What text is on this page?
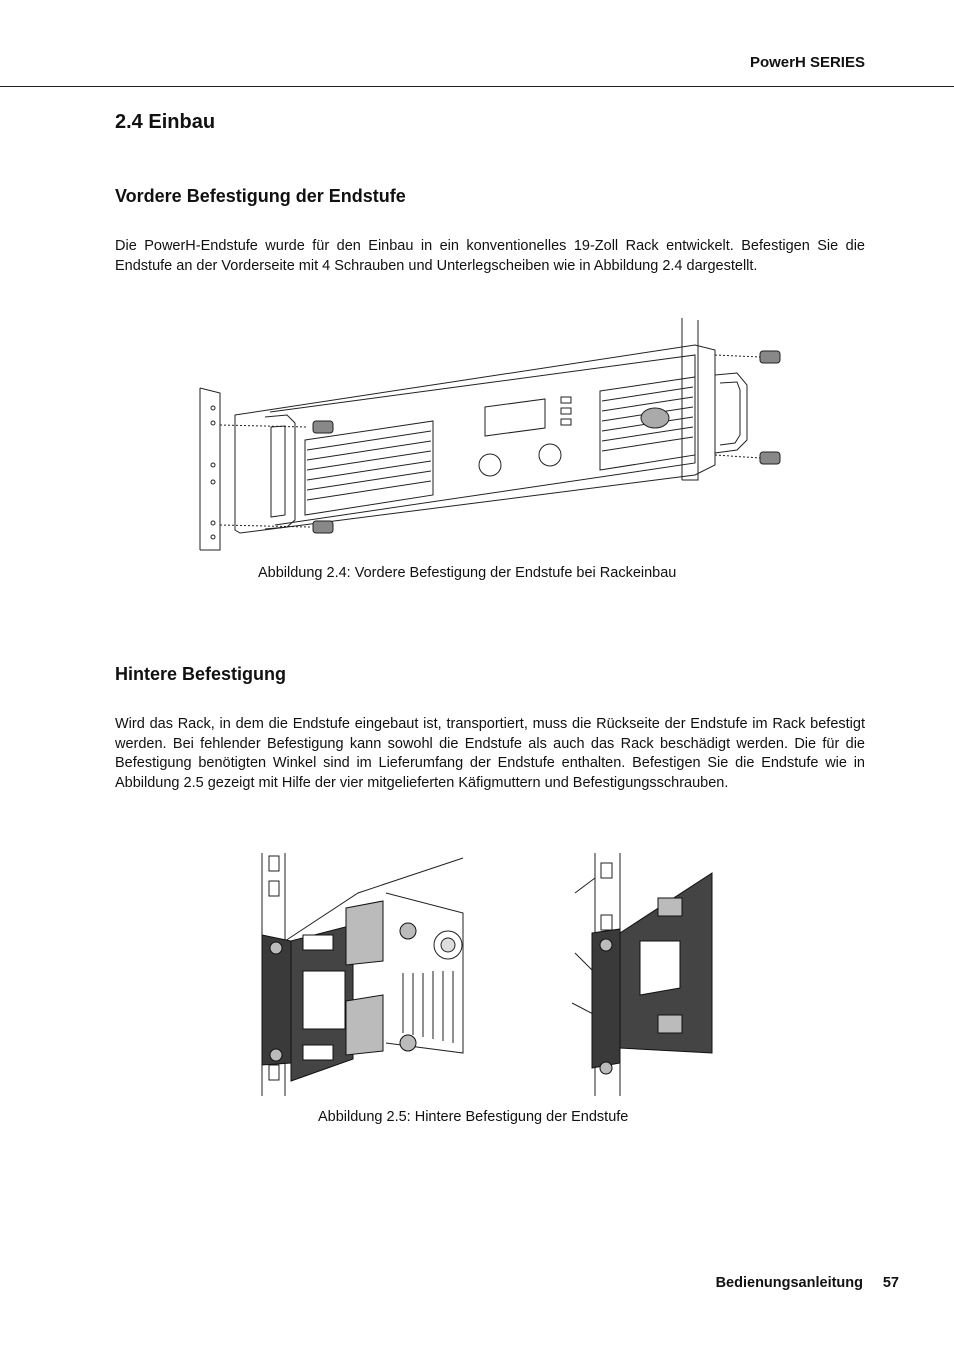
PowerH SERIES
2.4 Einbau
Vordere Befestigung der Endstufe

Die PowerH-Endstufe wurde für den Einbau in ein konventionelles 19-Zoll Rack entwickelt. Befestigen Sie die Endstufe an der Vorderseite mit 4 Schrauben und Unterlegscheiben wie in Abbildung 2.4 dargestellt.

Abbildung 2.4: Vordere Befestigung der Endstufe bei Rackeinbau
Hintere Befestigung

Wird das Rack, in dem die Endstufe eingebaut ist, transportiert, muss die Rückseite der Endstufe im Rack befestigt werden. Bei fehlender Befestigung kann sowohl die Endstufe als auch das Rack beschädigt werden. Die für die Befestigung benötigten Winkel sind im Lieferumfang der Endstufe enthalten. Befestigen Sie die Endstufe wie in Abbildung 2.5 gezeigt mit Hilfe der vier mitgelieferten Käfigmuttern und Befestigungsschrauben.

Abbildung 2.5: Hintere Befestigung der Endstufe
Bedienungsanleitung 57
